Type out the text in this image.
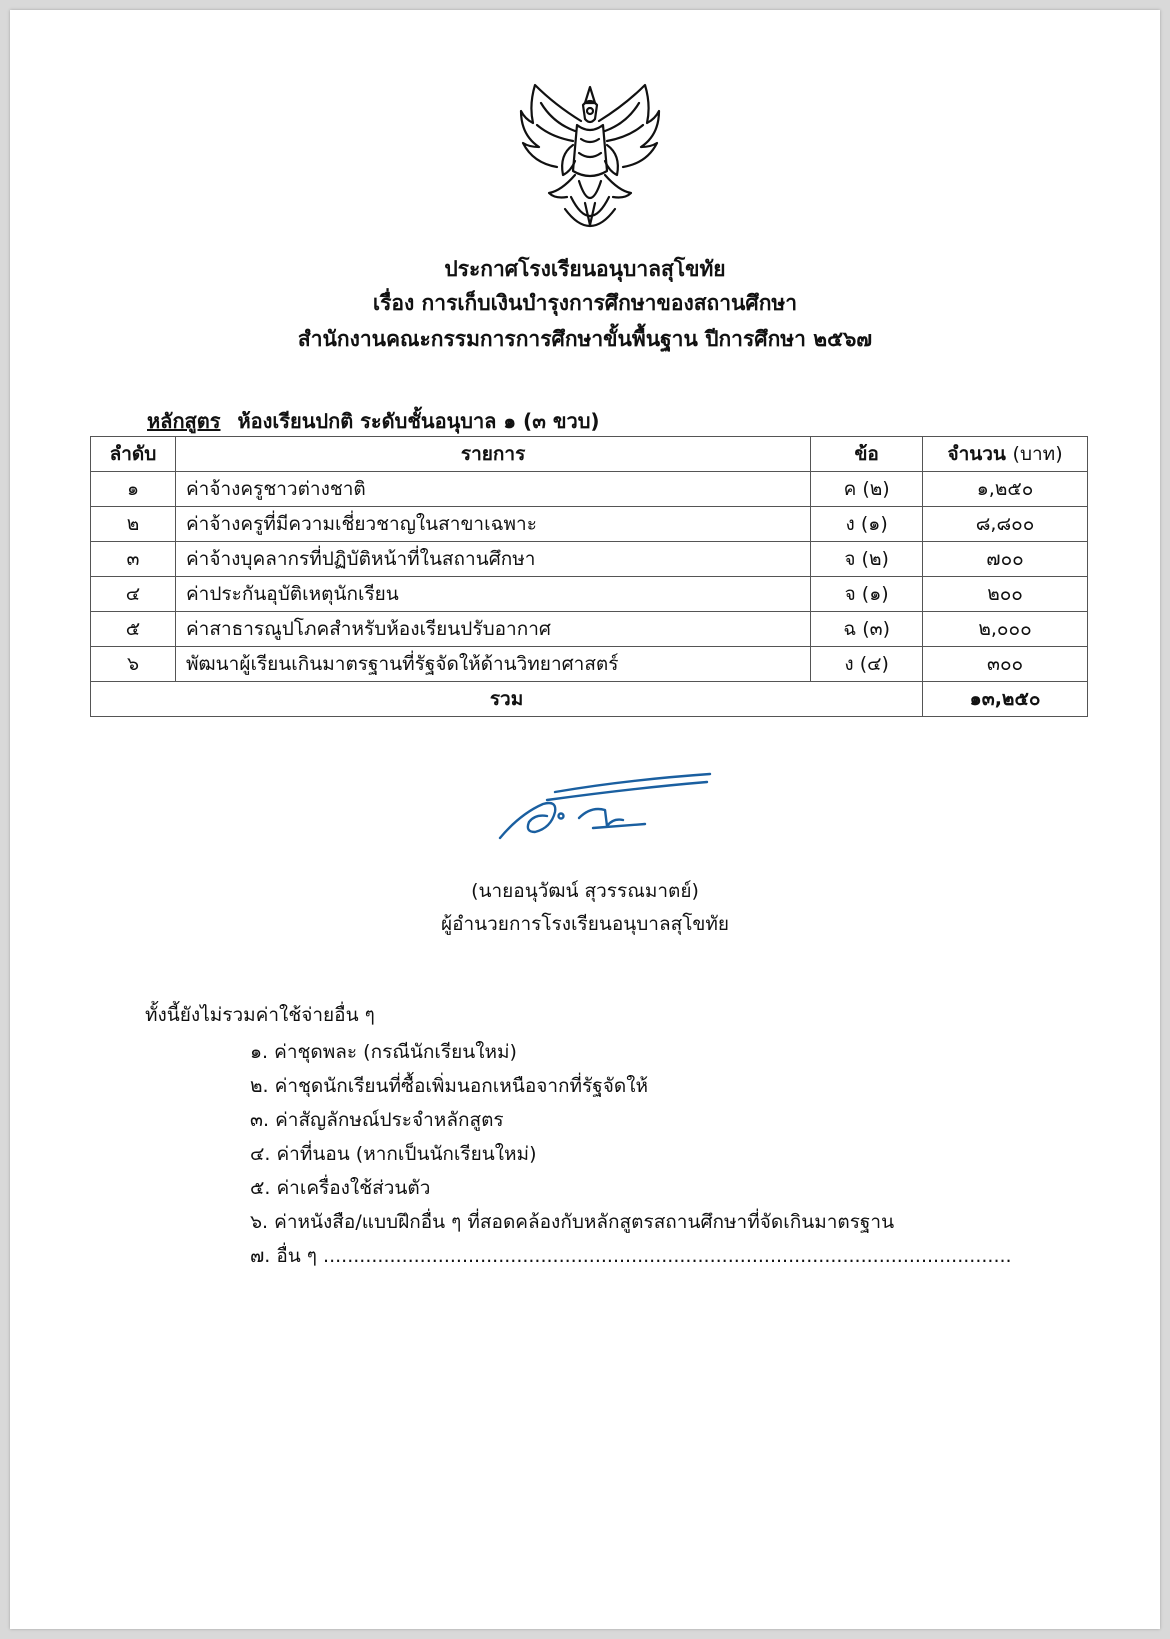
ประกาศโรงเรียนอนุบาลสุโขทัย
เรื่อง การเก็บเงินบำรุงการศึกษาของสถานศึกษา
สำนักงานคณะกรรมการการศึกษาขั้นพื้นฐาน ปีการศึกษา ๒๕๖๗
หลักสูตร ห้องเรียนปกติ ระดับชั้นอนุบาล ๑ (๓ ขวบ)
ลำดับ	รายการ	ข้อ	จำนวน (บาท)
๑	ค่าจ้างครูชาวต่างชาติ	ค (๒)	๑,๒๕๐
๒	ค่าจ้างครูที่มีความเชี่ยวชาญในสาขาเฉพาะ	ง (๑)	๘,๘๐๐
๓	ค่าจ้างบุคลากรที่ปฏิบัติหน้าที่ในสถานศึกษา	จ (๒)	๗๐๐
๔	ค่าประกันอุบัติเหตุนักเรียน	จ (๑)	๒๐๐
๕	ค่าสาธารณูปโภคสำหรับห้องเรียนปรับอากาศ	ฉ (๓)	๒,๐๐๐
๖	พัฒนาผู้เรียนเกินมาตรฐานที่รัฐจัดให้ด้านวิทยาศาสตร์	ง (๔)	๓๐๐
รวม			๑๓,๒๕๐
(นายอนุวัฒน์ สุวรรณมาตย์)
ผู้อำนวยการโรงเรียนอนุบาลสุโขทัย
ทั้งนี้ยังไม่รวมค่าใช้จ่ายอื่น ๆ
๑. ค่าชุดพละ (กรณีนักเรียนใหม่)
๒. ค่าชุดนักเรียนที่ซื้อเพิ่มนอกเหนือจากที่รัฐจัดให้
๓. ค่าสัญลักษณ์ประจำหลักสูตร
๔. ค่าที่นอน (หากเป็นนักเรียนใหม่)
๕. ค่าเครื่องใช้ส่วนตัว
๖. ค่าหนังสือ/แบบฝึกอื่น ๆ ที่สอดคล้องกับหลักสูตรสถานศึกษาที่จัดเกินมาตรฐาน
๗. อื่น ๆ ..................................................................................................................
